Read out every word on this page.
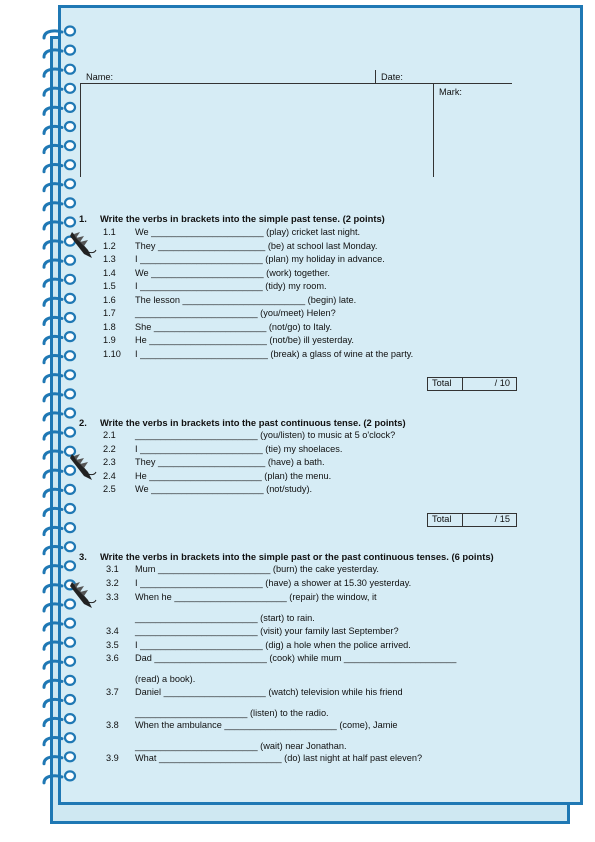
Name:	Date:
Mark:
1. Write the verbs in brackets into the simple past tense. (2 points)
1.1 We ______________________ (play) cricket last night.
1.2 They _____________________ (be) at school last Monday.
1.3 I ________________________ (plan) my holiday in advance.
1.4 We ______________________ (work) together.
1.5 I ________________________ (tidy) my room.
1.6 The lesson ________________________ (begin) late.
1.7 ________________________ (you/meet) Helen?
1.8 She ______________________ (not/go) to Italy.
1.9 He _______________________ (not/be) ill yesterday.
1.10 I _________________________ (break) a glass of wine at the party.
Total	/ 10
2. Write the verbs in brackets into the past continuous tense. (2 points)
2.1 ________________________ (you/listen) to music at 5 o'clock?
2.2 I ________________________ (tie) my shoelaces.
2.3 They _____________________ (have) a bath.
2.4 He ______________________ (plan) the menu.
2.5 We ______________________ (not/study).
Total	/ 15
3. Write the verbs in brackets into the simple past or the past continuous tenses. (6 points)
3.1 Mum ______________________ (burn) the cake yesterday.
3.2 I ________________________ (have) a shower at 15.30 yesterday.
3.3 When he ______________________ (repair) the window, it
________________________ (start) to rain.
3.4 ________________________ (visit) your family last September?
3.5 I ________________________ (dig) a hole when the police arrived.
3.6 Dad ______________________ (cook) while mum ______________________
(read) a book).
3.7 Daniel ____________________ (watch) television while his friend
______________________ (listen) to the radio.
3.8 When the ambulance ______________________ (come), Jamie
________________________ (wait) near Jonathan.
3.9 What ________________________ (do) last night at half past eleven?
